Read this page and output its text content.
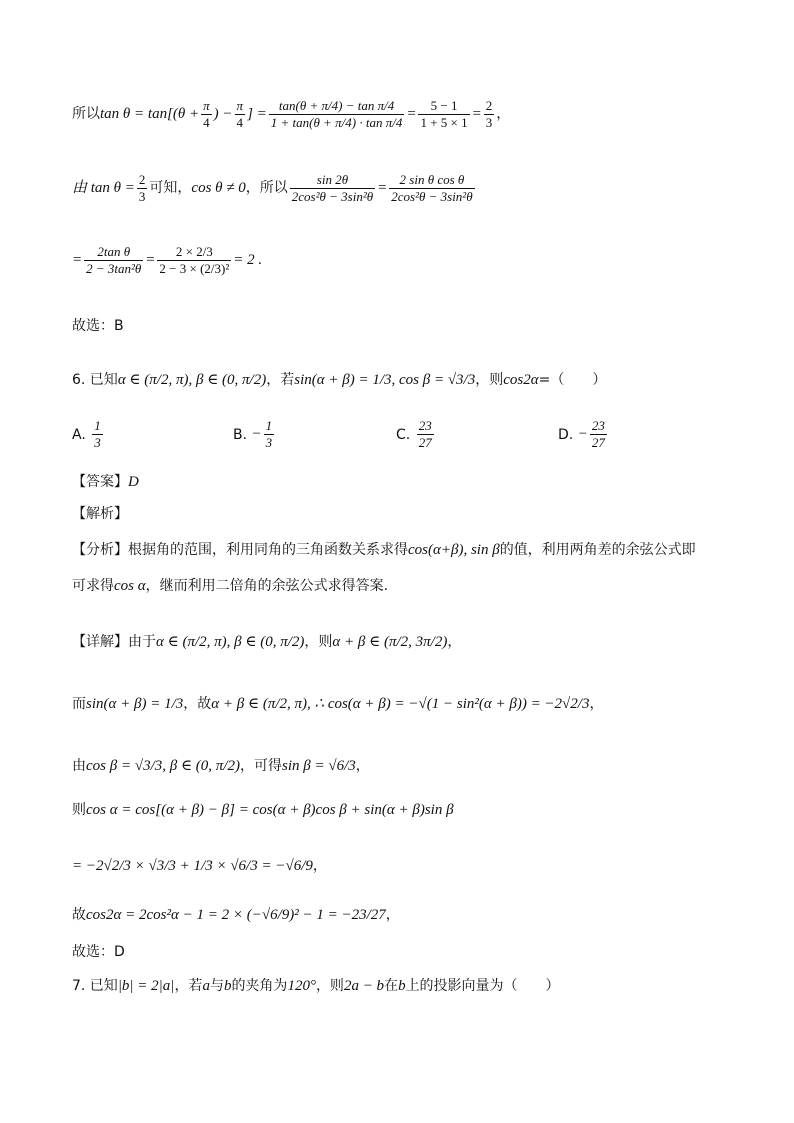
所以 $\tan \theta = \tan[(\theta + \frac{\pi}{4}$ ) − $\frac{\pi}{4}$ ] = $\frac{\text{tan(θ + π/4) − tan π/4}}{\text{1 + tan(θ + π/4) · tan π/4}} = \frac{5 - 1}{1 + 5 \times 1} = \frac{2}{3}$ ，
由 $\tan \theta = \frac{2}{3}$ 可知， cos θ ≠ 0 ，所以 $\frac{\sin 2\theta}{\text{2cos²θ − 3sin²θ}} = \frac{\text{2 sin θ cos θ}}{\text{2cos²θ − 3sin²θ}}$
= $\frac{\text{2tan θ}}{\text{2 − 3tan²θ}} = \frac{2 \times 2/3}{\text{2 − 3 × (2/3)²}} = 2$ .
故选：B
6. 已知 α ∈ (π/2, π), β ∈ (0, π/2) ，若 sin(α + β) = 1/3, cos β = √3/3 ，则 cos2α =（　　）
A.
$\frac{1}{3}$	B.
− $\frac{1}{3}$	C.
$\frac{23}{27}$	D.
− $\frac{23}{27}$
【答案】 D
【解析】
【分析】 根据角的范围，利用同角的三角函数关系求得 cos(α+β), sin β 的值，利用两角差的余弦公式即
可求得 cos α ，继而利用二倍角的余弦公式求得答案.
【详解】 由于 α ∈ (π/2, π), β ∈ (0, π/2) ，则 α + β ∈ (π/2, 3π/2) ，
而 sin(α + β) = 1/3 ，故 α + β ∈ (π/2, π), ∴ cos(α + β) = −√(1 − sin²(α + β)) = −2√2/3 ，
由 cos β = √3/3, β ∈ (0, π/2) ，可得 sin β = √6/3 ，
则 cos α = cos[(α + β) − β] = cos(α + β)cos β + sin(α + β)sin β
= −2√2/3 × √3/3 + 1/3 × √6/3 = −√6/9 ，
故 cos2α = 2cos²α − 1 = 2 × (−√6/9)² − 1 = −23/27 ，
故选：D
7. 已知 |b| = 2|a| ，若 a 与 b 的夹角为 120° ，则 2a − b 在 b 上的投影向量为（　　）
